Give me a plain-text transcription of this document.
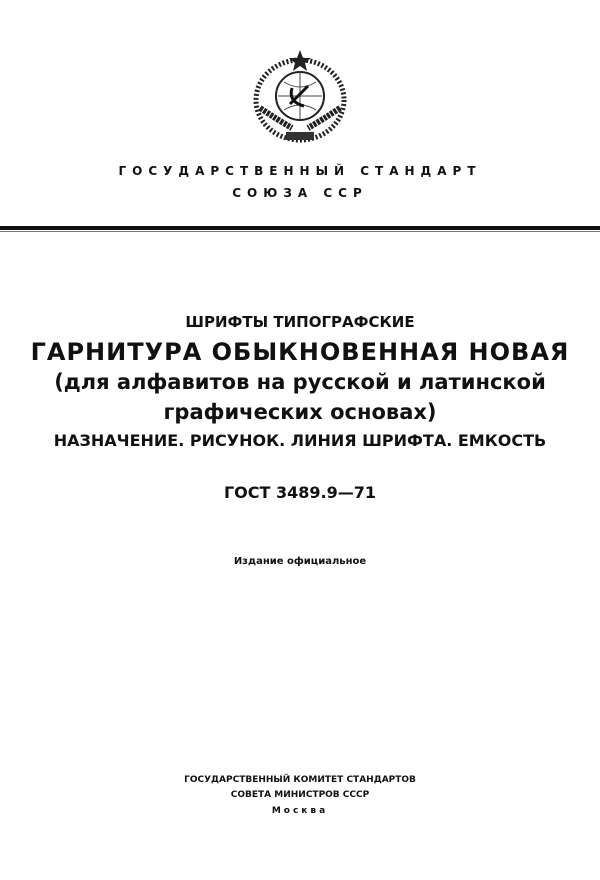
ГОСУДАРСТВЕННЫЙ СТАНДАРТ
СОЮЗА ССР
ШРИФТЫ ТИПОГРАФСКИЕ
ГАРНИТУРА ОБЫКНОВЕННАЯ НОВАЯ
(для алфавитов на русской и латинской
графических основах)
НАЗНАЧЕНИЕ. РИСУНОК. ЛИНИЯ ШРИФТА. ЕМКОСТЬ
ГОСТ 3489.9—71
Издание официальное
ГОСУДАРСТВЕННЫЙ КОМИТЕТ СТАНДАРТОВ
СОВЕТА МИНИСТРОВ СССР
Москва
